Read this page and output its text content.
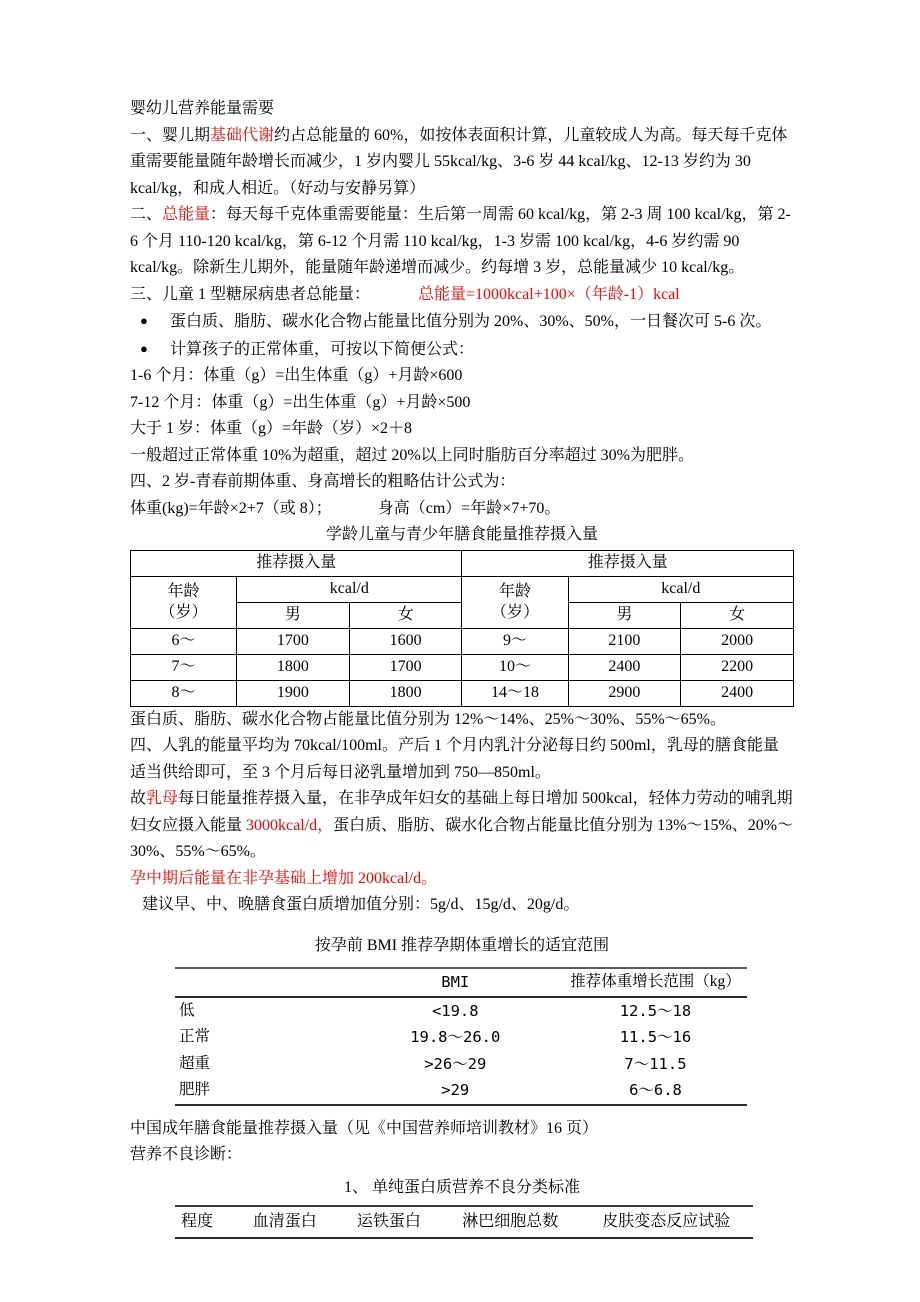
婴幼儿营养能量需要

一、婴儿期基础代谢约占总能量的 60%，如按体表面积计算，儿童较成人为高。每天每千克体重需要能量随年龄增长而减少，1 岁内婴儿 55kcal/kg、3-6 岁 44 kcal/kg、12-13 岁约为 30 kcal/kg，和成人相近。（好动与安静另算）

二、总能量：每天每千克体重需要能量：生后第一周需 60 kcal/kg，第 2-3 周 100 kcal/kg，第 2-6 个月 110-120 kcal/kg，第 6-12 个月需 110 kcal/kg，1-3 岁需 100 kcal/kg，4-6 岁约需 90 kcal/kg。除新生儿期外，能量随年龄递增而减少。约每增 3 岁，总能量减少 10 kcal/kg。

三、儿童 1 型糖尿病患者总能量：	总能量=1000kcal+100×（年龄-1）kcal

● 蛋白质、脂肪、碳水化合物占能量比值分别为 20%、30%、50%，一日餐次可 5-6 次。

● 计算孩子的正常体重，可按以下简便公式：

1-6 个月：体重（g）=出生体重（g）+月龄×600

7-12 个月：体重（g）=出生体重（g）+月龄×500

大于 1 岁：体重（g）=年龄（岁）×2＋8

一般超过正常体重 10%为超重，超过 20%以上同时脂肪百分率超过 30%为肥胖。

四、2 岁-青春前期体重、身高增长的粗略估计公式为：

体重(kg)=年龄×2+7（或 8）；	身高（cm）=年龄×7+70。

学龄儿童与青少年膳食能量推荐摄入量

推荐摄入量			推荐摄入量		

年龄
（岁）	kcal/d		年龄
（岁）	kcal/d	
	男	女		男	女
6～	1700	1600	9～	2100	2000
7～	1800	1700	10～	2400	2200
8～	1900	1800	14～18	2900	2400

蛋白质、脂肪、碳水化合物占能量比值分别为 12%～14%、25%～30%、55%～65%。

四、人乳的能量平均为 70kcal/100ml。产后 1 个月内乳汁分泌每日约 500ml，乳母的膳食能量适当供给即可，至 3 个月后每日泌乳量增加到 750—850ml。

故乳母每日能量推荐摄入量，在非孕成年妇女的基础上每日增加 500kcal，轻体力劳动的哺乳期妇女应摄入能量 3000kcal/d，蛋白质、脂肪、碳水化合物占能量比值分别为 13%～15%、20%～30%、55%～65%。

孕中期后能量在非孕基础上增加 200kcal/d。

建议早、中、晚膳食蛋白质增加值分别：5g/d、15g/d、20g/d。

按孕前 BMI 推荐孕期体重增长的适宜范围

	BMI	推荐体重增长范围（kg）
低	<19.8	12.5～18
正常	19.8～26.0	11.5～16
超重	>26～29	7～11.5
肥胖	>29	6～6.8

中国成年膳食能量推荐摄入量（见《中国营养师培训教材》16 页）

营养不良诊断：

1、 单纯蛋白质营养不良分类标准

程度	血清蛋白	运铁蛋白	淋巴细胞总数	皮肤变态反应试验
